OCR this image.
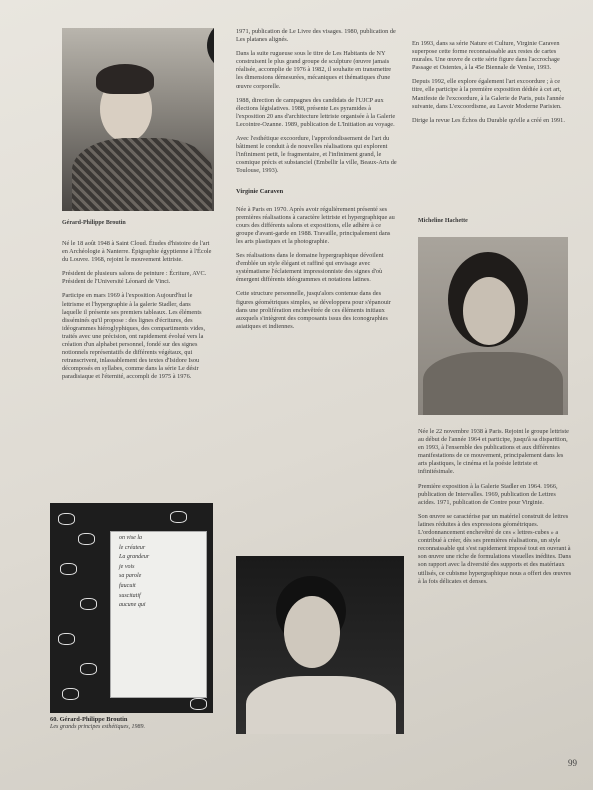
Gérard-Philippe Broutin

Né le 18 août 1948 à Saint Cloud. Études d'histoire de l'art en Archéologie à Nanterre. Épigraphie égyptienne à l'École du Louvre. 1968, rejoint le mouvement lettriste.

Président de plusieurs salons de peinture : Écriture, AVC. Président de l'Université Léonard de Vinci.

Participe en mars 1969 à l'exposition Aujourd'hui le lettrisme et l'hypergraphie à la galerie Stadler, dans laquelle il présente ses premiers tableaux. Les éléments disséminés qu'il propose : des lignes d'écritures, des idéogrammes hiéroglyphiques, des compartiments vides, traités avec une précision, ont rapidement évolué vers la création d'un alphabet personnel, fondé sur des signes notionnels représentatifs de différents végétaux, qui retranscrivent, inlassablement des textes d'Isidore Isou décomposés en syllabes, comme dans la série Le désir paradisiaque et l'éternité, accompli de 1975 à 1976.

on vise la
le créateur
La grandeur
je vois
sa parole
faucuit
suscitatif
aucune qui
60. Gérard-Philippe Broutin
Les grands principes esthétiques, 1989.

1971, publication de Le Livre des visages. 1980, publication de Les platanes alignés.

Dans la suite rugueuse sous le titre de Les Habitants de NY construisent le plus grand groupe de sculpture (œuvre jamais réalisée, accomplie de 1976 à 1982, il souhaite en transmettre les dimensions démesurées, mécaniques et thématiques d'une œuvre corporelle.

1988, direction de campagnes des candidats de l'UJCP aux élections législatives. 1988, présente Les pyramides à l'exposition 20 ans d'architecture lettriste organisée à la Galerie Lecointre-Ozanne. 1989, publication de L'Initiation au voyage.

Avec l'esthétique excoordure, l'approfondissement de l'art du bâtiment le conduit à de nouvelles réalisations qui explorent l'infiniment petit, le fragmentaire, et l'infiniment grand, le cosmique précis et substanciel (Embellir la ville, Beaux-Arts de Toulouse, 1993).

Virginie Caraven

Née à Paris en 1970. Après avoir régulièrement présenté ses premières réalisations à caractère lettriste et hypergraphique au cours des différents salons et expositions, elle adhère à ce groupe d'avant-garde en 1988. Travaille, principalement dans les arts plastiques et la photographie.

Ses réalisations dans le domaine hypergraphique dévoilent d'emblée un style élégant et raffiné qui envisage avec systématisme l'éclatement impressionniste des signes d'où émergent différents idéogrammes et notations latines.

Cette structure personnelle, jusqu'alors contenue dans des figures géométriques simples, se développera pour s'épanouir dans une prolifération enchevêtrée de ces éléments initiaux auxquels s'intègrent des composants issus des iconographies asiatiques et indiennes.

En 1993, dans sa série Nature et Culture, Virginie Caraven superpose cette forme reconnaissable aux restes de cartes murales. Une œuvre de cette série figure dans l'accrochage Passage et Ostentes, à la 45e Biennale de Venise, 1993.

Depuis 1992, elle explore également l'art excoordure ; à ce titre, elle participe à la première exposition dédiée à cet art, Manifeste de l'excoordure, à la Galerie de Paris, puis l'année suivante, dans L'excoordisme, au Lavoir Moderne Parisien.

Dirige la revue Les Échos du Durable qu'elle a créé en 1991.

Micheline Hachette

Née le 22 novembre 1938 à Paris. Rejoint le groupe lettriste au début de l'année 1964 et participe, jusqu'à sa disparition, en 1993, à l'ensemble des publications et aux différentes manifestations de ce mouvement, principalement dans les arts plastiques, le cinéma et la poésie lettriste et infinitésimale.

Première exposition à la Galerie Stadler en 1964. 1966, publication de Intervalles. 1969, publication de Lettres acides. 1971, publication de Contre pour Virginie.

Son œuvre se caractérise par un matériel construit de lettres latines réduites à des expressions géométriques. L'ordonnancement enchevêtré de ces « lettres-cubes » a contribué à créer, dès ses premières réalisations, un style reconnaissable qui s'est rapidement imposé tout en ouvrant à son œuvre une riche de formulations visuelles inédites. Dans son rapport avec la diversité des supports et des matériaux utilisés, ce cubisme hypergraphique nous a offert des œuvres à la fois délicates et denses.

99
